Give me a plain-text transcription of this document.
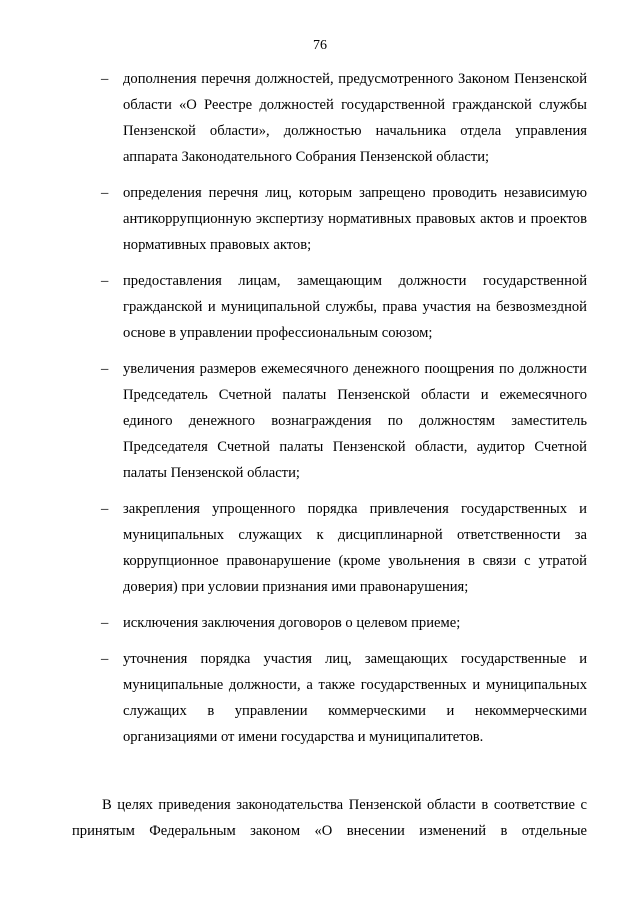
76
–	дополнения перечня должностей, предусмотренного Законом Пензенской области «О Реестре должностей государственной гражданской службы Пензенской области», должностью начальника отдела управления аппарата Законодательного Собрания Пензенской области;
–	определения перечня лиц, которым запрещено проводить независимую антикоррупционную экспертизу нормативных правовых актов и проектов нормативных правовых актов;
–	предоставления лицам, замещающим должности государственной гражданской и муниципальной службы, права участия на безвозмездной основе в управлении профессиональным союзом;
–	увеличения размеров ежемесячного денежного поощрения по должности Председатель Счетной палаты Пензенской области и ежемесячного единого денежного вознаграждения по должностям заместитель Председателя Счетной палаты Пензенской области, аудитор Счетной палаты Пензенской области;
–	закрепления упрощенного порядка привлечения государственных и муниципальных служащих к дисциплинарной ответственности за коррупционное правонарушение (кроме увольнения в связи с утратой доверия) при условии признания ими правонарушения;
–	исключения заключения договоров о целевом приеме;
–	уточнения порядка участия лиц, замещающих государственные и муниципальные должности, а также государственных и муниципальных служащих в управлении коммерческими и некоммерческими организациями от имени государства и муниципалитетов.

В целях приведения законодательства Пензенской области в соответствие с принятым Федеральным законом «О внесении изменений в отдельные
